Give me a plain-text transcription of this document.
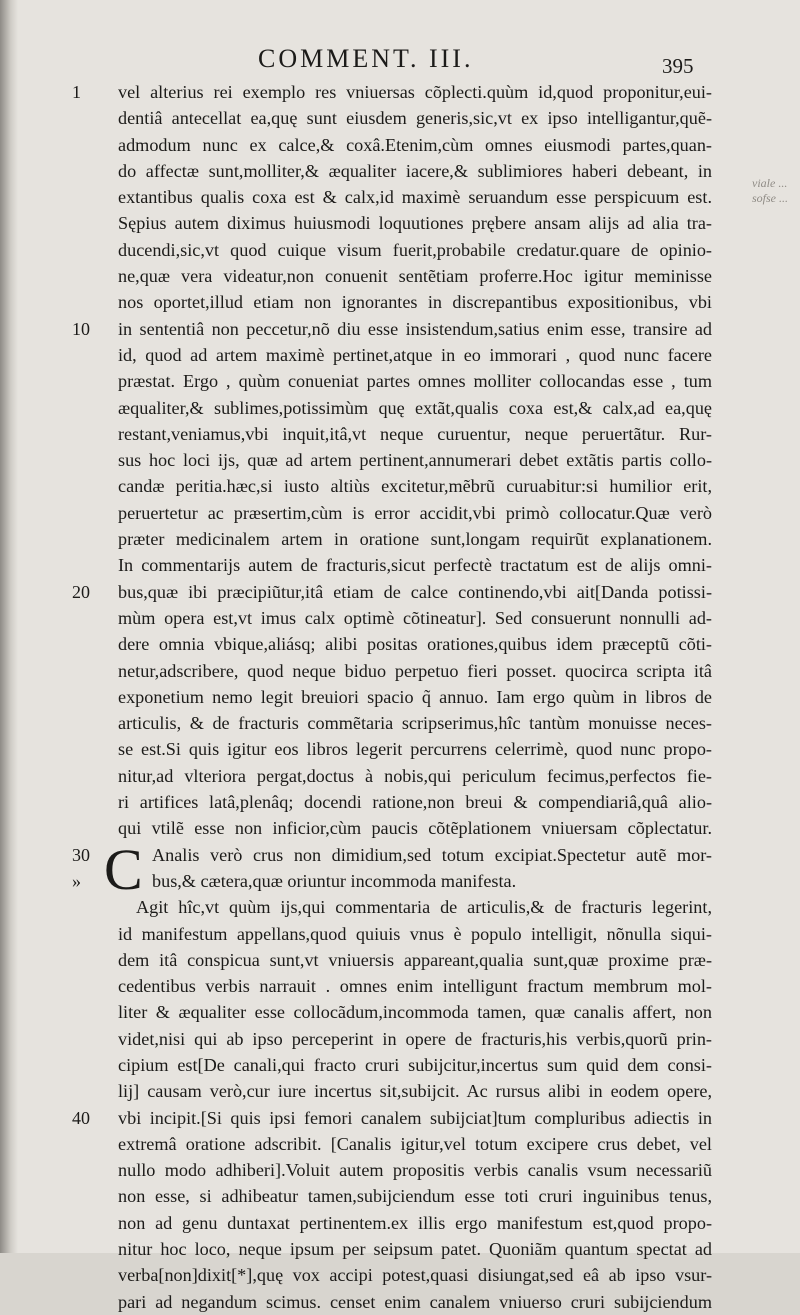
COMMENT. III.	395
viale ... sofse ...
1	vel alterius rei exemplo res vniuersas cõplecti.quùm id,quod proponitur,eui-
dentiâ antecellat ea,quę sunt eiusdem generis,sic,vt ex ipso intelligantur,quẽ-
admodum nunc ex calce,& coxâ.Etenim,cùm omnes eiusmodi partes,quan-
do affectæ sunt,molliter,& æqualiter iacere,& sublimiores haberi debeant, in
extantibus qualis coxa est & calx,id maximè seruandum esse perspicuum est.
Sępius autem diximus huiusmodi loquutiones prębere ansam alijs ad alia tra-
ducendi,sic,vt quod cuique visum fuerit,probabile credatur.quare de opinio-
ne,quæ vera videatur,non conuenit sentẽtiam proferre.Hoc igitur meminisse
nos oportet,illud etiam non ignorantes in discrepantibus expositionibus, vbi
10	in sententiâ non peccetur,nõ diu esse insistendum,satius enim esse, transire ad
id, quod ad artem maximè pertinet,atque in eo immorari , quod nunc facere
præstat. Ergo , quùm conueniat partes omnes molliter collocandas esse , tum
æqualiter,& sublimes,potissimùm quę extãt,qualis coxa est,& calx,ad ea,quę
restant,veniamus,vbi inquit,itâ,vt neque curuentur, neque peruertãtur. Rur-
sus hoc loci ijs, quæ ad artem pertinent,annumerari debet extãtis partis collo-
candæ peritia.hæc,si iusto altiùs excitetur,mẽbrũ curuabitur:si humilior erit,
peruertetur ac præsertim,cùm is error accidit,vbi primò collocatur.Quæ verò
præter medicinalem artem in oratione sunt,longam requirũt explanationem.
In commentarijs autem de fracturis,sicut perfectè tractatum est de alijs omni-
20	bus,quæ ibi præcipiũtur,itâ etiam de calce continendo,vbi ait[Danda potissi-
mùm opera est,vt imus calx optimè cõtineatur]. Sed consuerunt nonnulli ad-
dere omnia vbique,aliásq; alibi positas orationes,quibus idem præceptũ cõti-
netur,adscribere, quod neque biduo perpetuo fieri posset. quocirca scripta itâ
exponetium nemo legit breuiori spacio q̃ annuo. Iam ergo quùm in libros de
articulis, & de fracturis commẽtaria scripserimus,hîc tantùm monuisse neces-
se est.Si quis igitur eos libros legerit percurrens celerrimè, quod nunc propo-
nitur,ad vlteriora pergat,doctus à nobis,qui periculum fecimus,perfectos fie-
ri artifices latâ,plenâq; docendi ratione,non breui & compendiariâ,quâ alio-
qui vtilẽ esse non inficior,cùm paucis cõtẽplationem vniuersam cõplectatur.
30 C Analis verò crus non dimidium,sed totum excipiat.Spectetur autẽ mor-
»	bus,& cætera,quæ oriuntur incommoda manifesta.
Agit hîc,vt quùm ijs,qui commentaria de articulis,& de fracturis legerint,
id manifestum appellans,quod quiuis vnus è populo intelligit, nõnulla siqui-
dem itâ conspicua sunt,vt vniuersis appareant,qualia sunt,quæ proxime præ-
cedentibus verbis narrauit . omnes enim intelligunt fractum membrum mol-
liter & æqualiter esse collocãdum,incommoda tamen, quæ canalis affert, non
videt,nisi qui ab ipso perceperint in opere de fracturis,his verbis,quorũ prin-
cipium est[De canali,qui fracto cruri subijcitur,incertus sum quid dem consi-
lij] causam verò,cur iure incertus sit,subijcit. Ac rursus alibi in eodem opere,
40	vbi incipit.[Si quis ipsi femori canalem subijciat]tum compluribus adiectis in
extremâ oratione adscribit. [Canalis igitur,vel totum excipere crus debet, vel
nullo modo adhiberi].Voluit autem propositis verbis canalis vsum necessariũ
non esse, si adhibeatur tamen,subijciendum esse toti cruri inguinibus tenus,
non ad genu duntaxat pertinentem.ex illis ergo manifestum est,quod propo-
nitur hoc loco, neque ipsum per seipsum patet. Quoniãm quantum spectat ad
verba[non]dixit[*],quę vox accipi potest,quasi disiungat,sed eâ ab ipso vsur-
pari ad negandum scimus. censet enim canalem vniuerso cruri subijciendum
